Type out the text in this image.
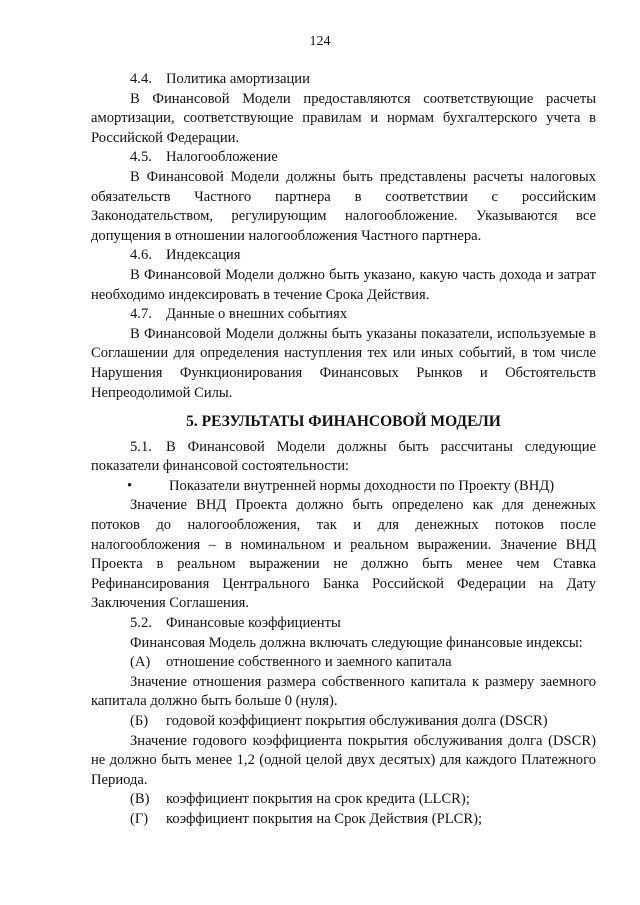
124

4.4. Политика амортизации

В Финансовой Модели предоставляются соответствующие расчеты амортизации, соответствующие правилам и нормам бухгалтерского учета в Российской Федерации.

4.5. Налогообложение

В Финансовой Модели должны быть представлены расчеты налоговых обязательств Частного партнера в соответствии с российским Законодательством, регулирующим налогообложение. Указываются все допущения в отношении налогообложения Частного партнера.

4.6. Индексация

В Финансовой Модели должно быть указано, какую часть дохода и затрат необходимо индексировать в течение Срока Действия.

4.7. Данные о внешних событиях

В Финансовой Модели должны быть указаны показатели, используемые в Соглашении для определения наступления тех или иных событий, в том числе Нарушения Функционирования Финансовых Рынков и Обстоятельств Непреодолимой Силы.

5. РЕЗУЛЬТАТЫ ФИНАНСОВОЙ МОДЕЛИ

5.1. В Финансовой Модели должны быть рассчитаны следующие показатели финансовой состоятельности:

•	Показатели внутренней нормы доходности по Проекту (ВНД)

Значение ВНД Проекта должно быть определено как для денежных потоков до налогообложения, так и для денежных потоков после налогообложения – в номинальном и реальном выражении. Значение ВНД Проекта в реальном выражении не должно быть менее чем Ставка Рефинансирования Центрального Банка Российской Федерации на Дату Заключения Соглашения.

5.2. Финансовые коэффициенты

Финансовая Модель должна включать следующие финансовые индексы:

(А) отношение собственного и заемного капитала

Значение отношения размера собственного капитала к размеру заемного капитала должно быть больше 0 (нуля).

(Б) годовой коэффициент покрытия обслуживания долга (DSCR)

Значение годового коэффициента покрытия обслуживания долга (DSCR) не должно быть менее 1,2 (одной целой двух десятых) для каждого Платежного Периода.

(В) коэффициент покрытия на срок кредита (LLCR);

(Г) коэффициент покрытия на Срок Действия (PLCR);
